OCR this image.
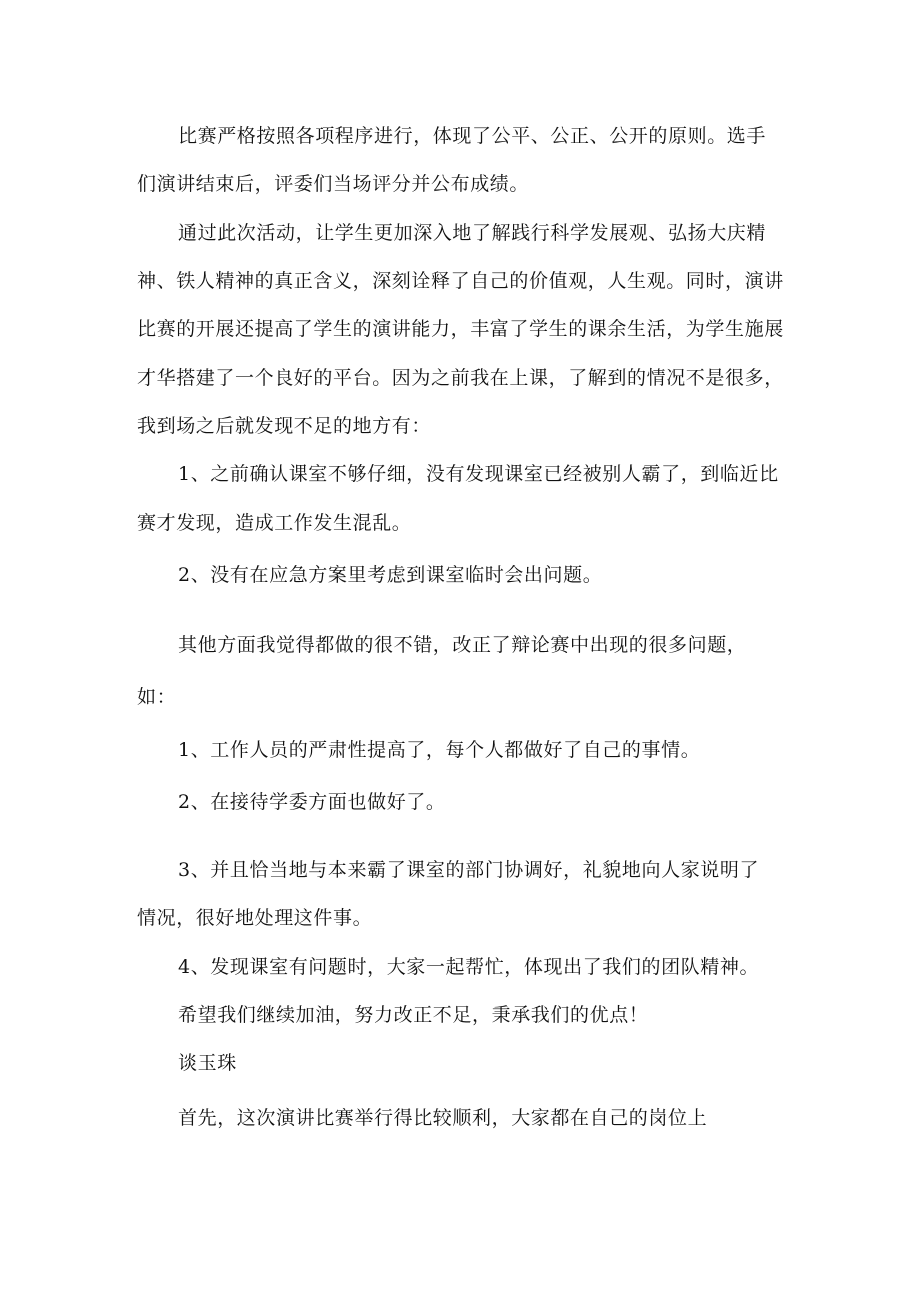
比赛严格按照各项程序进行，体现了公平、公正、公开的原则。选手
们演讲结束后，评委们当场评分并公布成绩。
通过此次活动，让学生更加深入地了解践行科学发展观、弘扬大庆精
神、铁人精神的真正含义，深刻诠释了自己的价值观，人生观。同时，演讲
比赛的开展还提高了学生的演讲能力，丰富了学生的课余生活，为学生施展
才华搭建了一个良好的平台。因为之前我在上课，了解到的情况不是很多，
我到场之后就发现不足的地方有：
1、之前确认课室不够仔细，没有发现课室已经被别人霸了，到临近比
赛才发现，造成工作发生混乱。
2、没有在应急方案里考虑到课室临时会出问题。
其他方面我觉得都做的很不错，改正了辩论赛中出现的很多问题，
如：
1、工作人员的严肃性提高了，每个人都做好了自己的事情。
2、在接待学委方面也做好了。
3、并且恰当地与本来霸了课室的部门协调好，礼貌地向人家说明了
情况，很好地处理这件事。
4、发现课室有问题时，大家一起帮忙，体现出了我们的团队精神。
希望我们继续加油，努力改正不足，秉承我们的优点！
谈玉珠
首先，这次演讲比赛举行得比较顺利，大家都在自己的岗位上
